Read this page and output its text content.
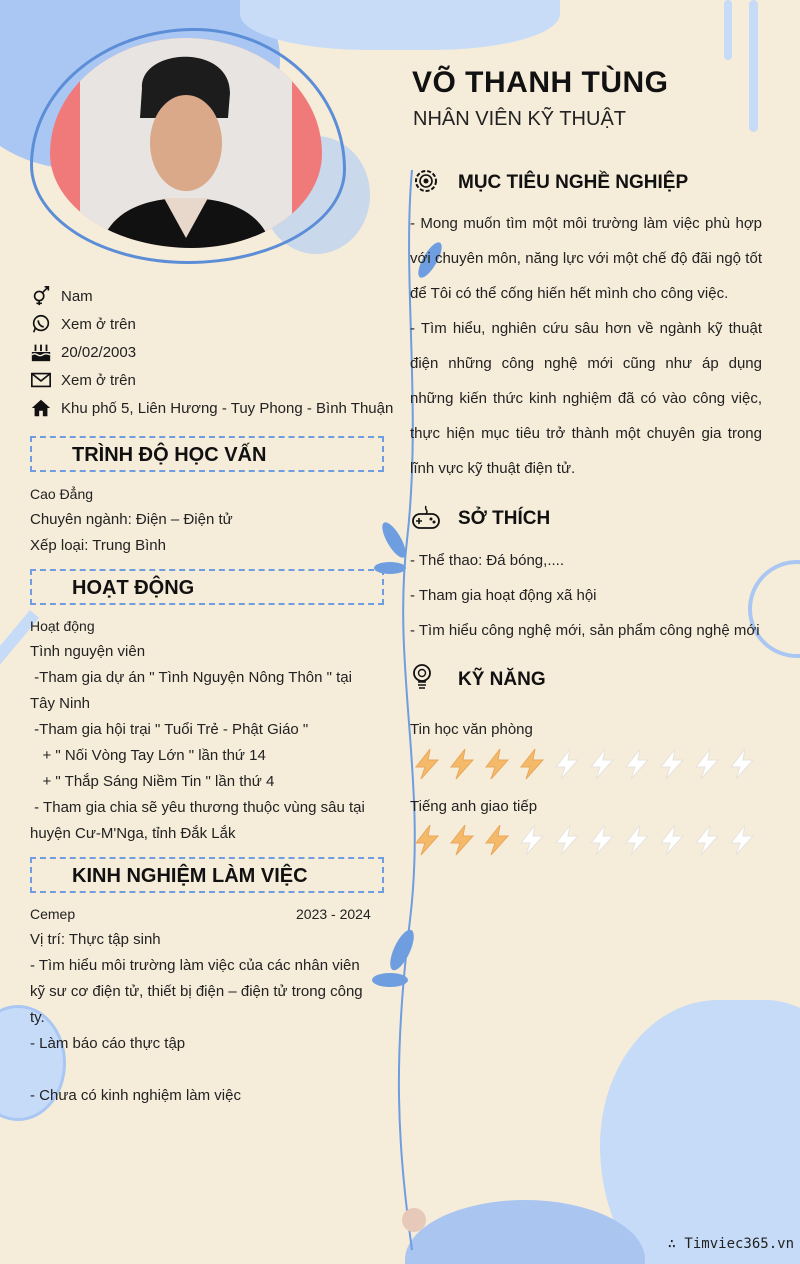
VÕ THANH TÙNG
NHÂN VIÊN KỸ THUẬT
Nam
Xem ở trên
20/02/2003
Xem ở trên
Khu phố 5, Liên Hương - Tuy Phong - Bình Thuận
TRÌNH ĐỘ HỌC VẤN
Cao Đẳng
Chuyên ngành: Điện – Điện tử
Xếp loại: Trung Bình
HOẠT ĐỘNG
Hoạt động
Tình nguyện viên
-Tham gia dự án " Tình Nguyện Nông Thôn " tại
Tây Ninh
-Tham gia hội trại " Tuổi Trẻ - Phật Giáo "
+ " Nối Vòng Tay Lớn " lần thứ 14
+ " Thắp Sáng Niềm Tin " lần thứ 4
- Tham gia chia sẽ yêu thương thuộc vùng sâu tại
huyện Cư-M'Nga, tỉnh Đắk Lắk
KINH NGHIỆM LÀM VIỆC
Cemep	2023 - 2024
Vị trí: Thực tập sinh
- Tìm hiểu môi trường làm việc của các nhân viên
kỹ sư cơ điện tử, thiết bị điện – điện tử trong công
ty.
- Làm báo cáo thực tập
- Chưa có kinh nghiệm làm việc
MỤC TIÊU NGHỀ NGHIỆP

- Mong muốn tìm một môi trường làm việc phù hợp với chuyên môn, năng lực với một chế độ đãi ngộ tốt để Tôi có thể cống hiến hết mình cho công việc.

- Tìm hiểu, nghiên cứu sâu hơn về ngành kỹ thuật điện những công nghệ mới cũng như áp dụng những kiến thức kinh nghiệm đã có vào công việc, thực hiện mục tiêu trở thành một chuyên gia trong lĩnh vực kỹ thuật điện tử.

SỞ THÍCH
- Thể thao: Đá bóng,....
- Tham gia hoạt động xã hội
- Tìm hiểu công nghệ mới, sản phẩm công nghệ mới
KỸ NĂNG
Tin học văn phòng
Tiếng anh giao tiếp
∴ Timviec365.vn
